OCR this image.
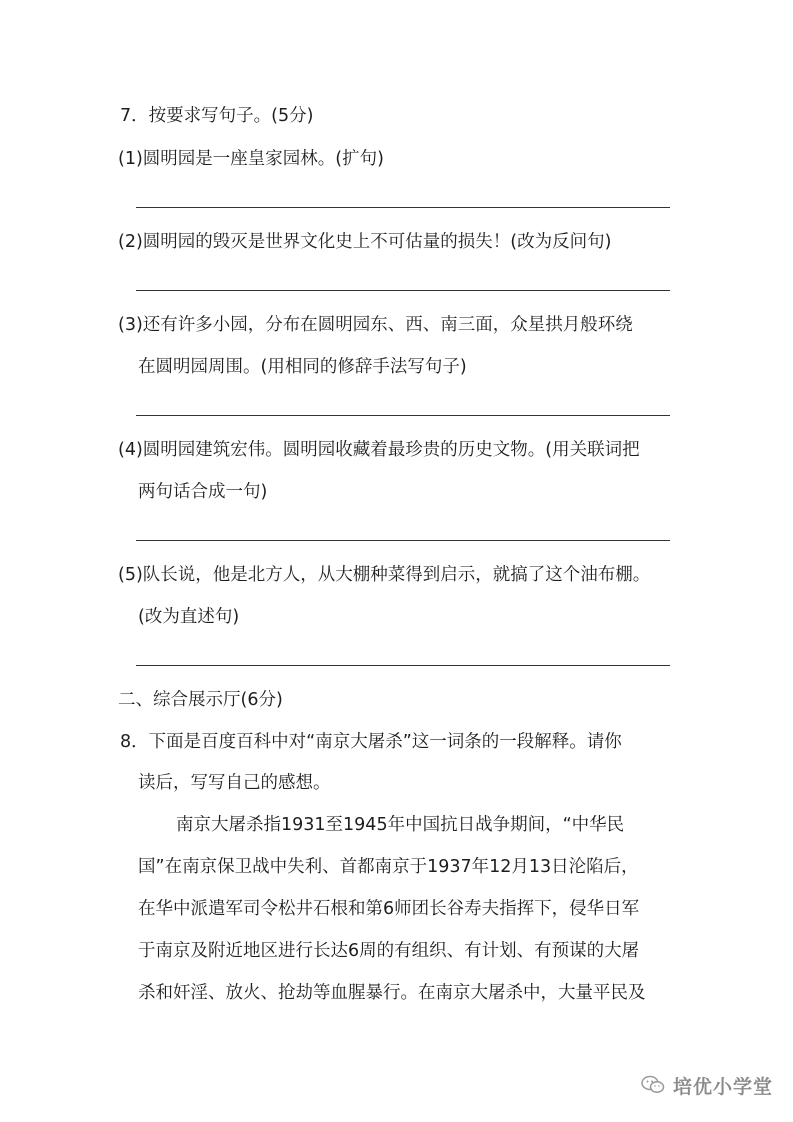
7．按要求写句子。(5分)
(1)圆明园是一座皇家园林。(扩句)
(2)圆明园的毁灭是世界文化史上不可估量的损失！(改为反问句)
(3)还有许多小园，分布在圆明园东、西、南三面，众星拱月般环绕
在圆明园周围。(用相同的修辞手法写句子)
(4)圆明园建筑宏伟。圆明园收藏着最珍贵的历史文物。(用关联词把
两句话合成一句)
(5)队长说，他是北方人，从大棚种菜得到启示，就搞了这个油布棚。
(改为直述句)
二、综合展示厅(6分)
8．下面是百度百科中对“南京大屠杀”这一词条的一段解释。请你
读后，写写自己的感想。
南京大屠杀指1931至1945年中国抗日战争期间，“中华民
国”在南京保卫战中失利、首都南京于1937年12月13日沦陷后，
在华中派遣军司令松井石根和第6师团长谷寿夫指挥下，侵华日军
于南京及附近地区进行长达6周的有组织、有计划、有预谋的大屠
杀和奸淫、放火、抢劫等血腥暴行。在南京大屠杀中，大量平民及
培优小学堂
